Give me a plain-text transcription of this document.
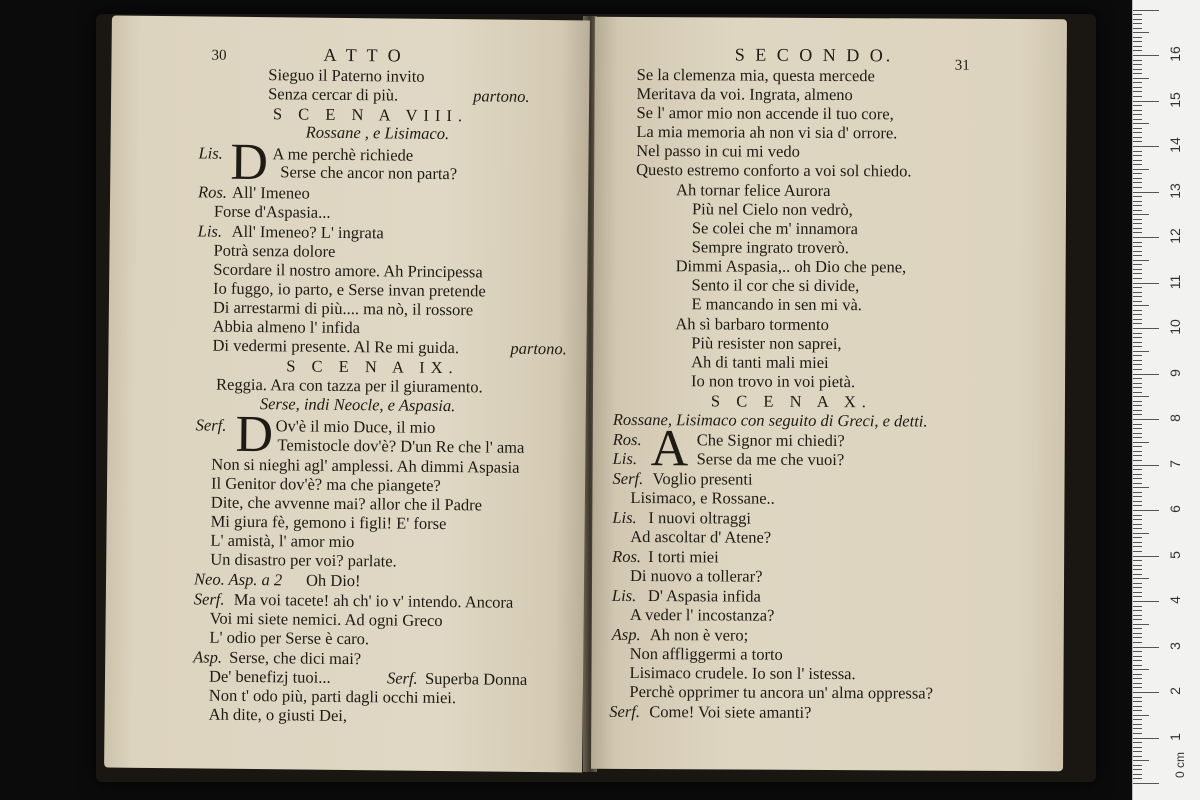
30	A T T O
Sieguo il Paterno invito
Senza cercar di più.	partono.
S C E N A VIII.
Rossane , e Lisimaco.
Lis. D A me perchè richiede
Serse che ancor non parta?
Ros. All' Imeneo
Forse d'Aspasia...
Lis. All' Imeneo? L' ingrata
Potrà senza dolore
Scordare il nostro amore. Ah Principessa
Io fuggo, io parto, e Serse invan pretende
Di arrestarmi di più.... ma nò, il rossore
Abbia almeno l' infida
Di vedermi presente. Al Re mi guida.	partono.
S C E N A IX.
Reggia. Ara con tazza per il giuramento.
Serse, indi Neocle, e Aspasia.
Serf. D Ov'è il mio Duce, il mio
Temistocle dov'è? D'un Re che l' ama
Non si nieghi agl' amplessi. Ah dimmi Aspasia
Il Genitor dov'è? ma che piangete?
Dite, che avvenne mai? allor che il Padre
Mi giura fè, gemono i figli! E' forse
L' amistà, l' amor mio
Un disastro per voi? parlate.
Neo. Asp. a 2 Oh Dio!
Serf. Ma voi tacete! ah ch' io v' intendo. Ancora
Voi mi siete nemici. Ad ogni Greco
L' odio per Serse è caro.
Asp. Serse, che dici mai?
De' benefizj tuoi...	Serf. Superba Donna
Non t' odo più, parti dagli occhi miei.
Ah dite, o giusti Dei,
S E C O N D O.
31
Se la clemenza mia, questa mercede
Meritava da voi. Ingrata, almeno
Se l' amor mio non accende il tuo core,
La mia memoria ah non vi sia d' orrore.
Nel passo in cui mi vedo
Questo estremo conforto a voi sol chiedo.
Ah tornar felice Aurora
Più nel Cielo non vedrò,
Se colei che m' innamora
Sempre ingrato troverò.
Dimmi Aspasia,.. oh Dio che pene,
Sento il cor che si divide,
E mancando in sen mi và.
Ah sì barbaro tormento
Più resister non saprei,
Ah di tanti mali miei
Io non trovo in voi pietà.
S C E N A X.
Rossane, Lisimaco con seguito di Greci, e detti.
Ros. A Che Signor mi chiedi?
Lis.	Serse da me che vuoi?
Serf. Voglio presenti
Lisimaco, e Rossane..
Lis. I nuovi oltraggi
Ad ascoltar d' Atene?
Ros. I torti miei
Di nuovo a tollerar?
Lis. D' Aspasia infida
A veder l' incostanza?
Asp. Ah non è vero;
Non affliggermi a torto
Lisimaco crudele. Io son l' istessa.
Perchè opprimer tu ancora un' alma oppressa?
Serf. Come! Voi siete amanti?
0 cm
1
2
3
4
5
6
7
8
9
10
11
12
13
14
15
16
